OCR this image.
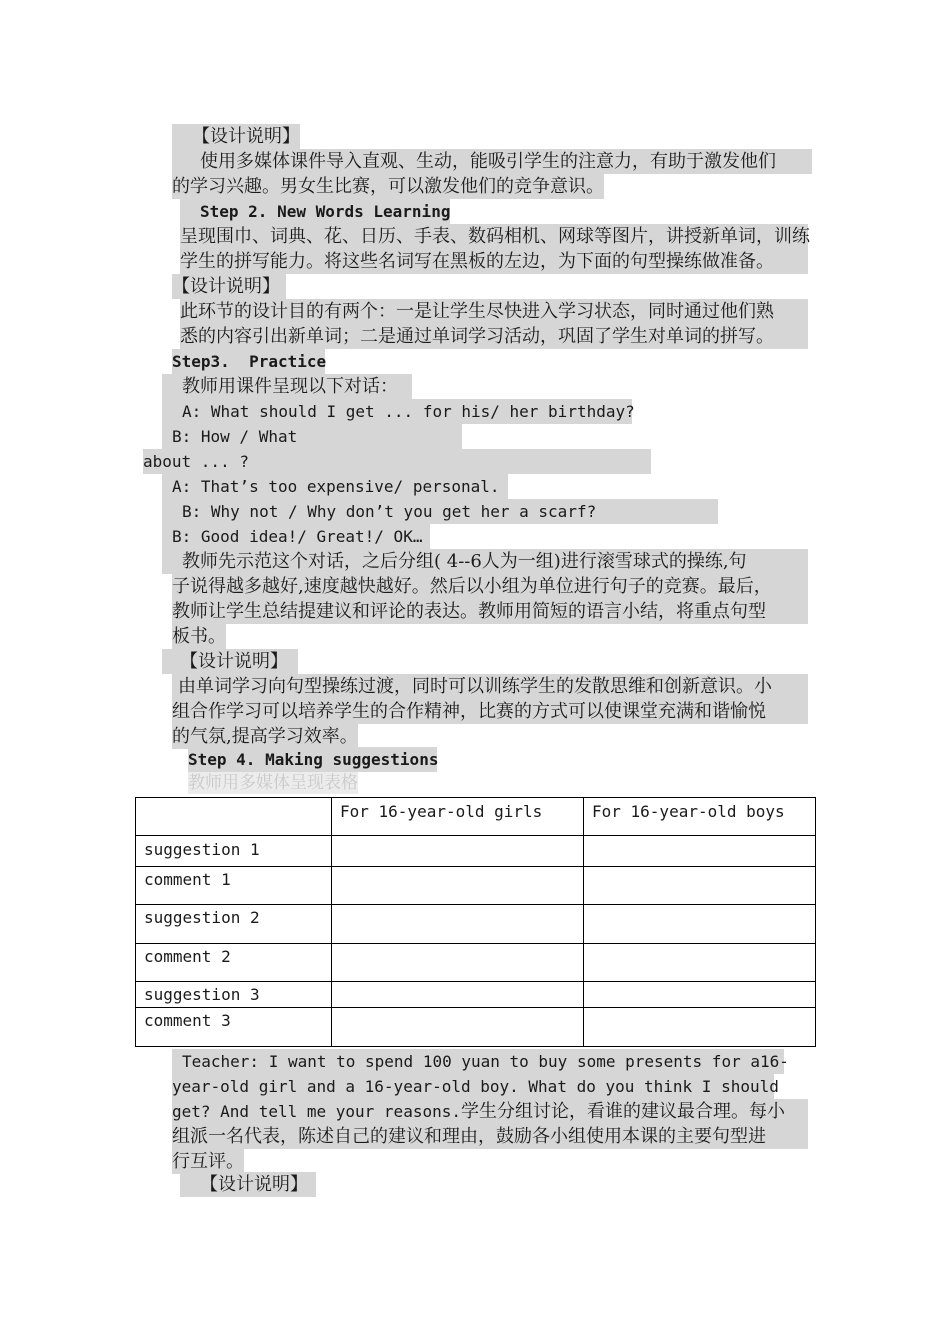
【设计说明】
使用多媒体课件导入直观、生动，能吸引学生的注意力，有助于激发他们
的学习兴趣。男女生比赛，可以激发他们的竞争意识。
Step 2. New Words Learning
呈现围巾、词典、花、日历、手表、数码相机、网球等图片，讲授新单词，训练
学生的拼写能力。将这些名词写在黑板的左边，为下面的句型操练做准备。
【设计说明】
此环节的设计目的有两个：一是让学生尽快进入学习状态，同时通过他们熟
悉的内容引出新单词；二是通过单词学习活动，巩固了学生对单词的拼写。
Step3.  Practice
教师用课件呈现以下对话：
A: What should I get ... for his/ her birthday?
B: How / What
about ... ?
A: That’s too expensive/ personal.
B: Why not / Why don’t you get her a scarf?
B: Good idea!/ Great!/ OK…
教师先示范这个对话，之后分组( 4--6人为一组)进行滚雪球式的操练,句
子说得越多越好,速度越快越好。然后以小组为单位进行句子的竞赛。最后，
教师让学生总结提建议和评论的表达。教师用简短的语言小结，将重点句型
板书。
【设计说明】
由单词学习向句型操练过渡，同时可以训练学生的发散思维和创新意识。小
组合作学习可以培养学生的合作精神，比赛的方式可以使课堂充满和谐愉悦
的气氛,提高学习效率。
Step 4. Making suggestions
教师用多媒体呈现表格
	For 16-year-old girls	For 16-year-old boys
suggestion 1		
comment 1		
suggestion 2		
comment 2		
suggestion 3		
comment 3		
Teacher: I want to spend 100 yuan to buy some presents for a16-
year-old girl and a 16-year-old boy. What do you think I should
get? And tell me your reasons.学生分组讨论，看谁的建议最合理。每小
组派一名代表，陈述自己的建议和理由，鼓励各小组使用本课的主要句型进
行互评。
【设计说明】
